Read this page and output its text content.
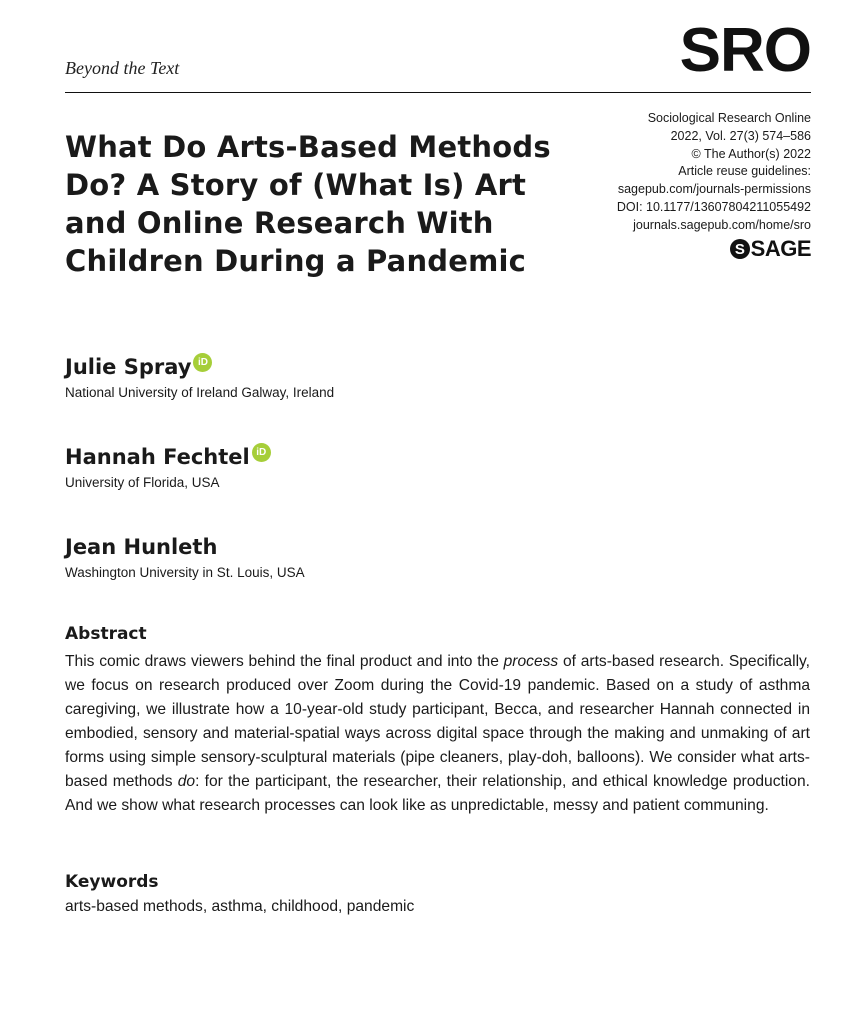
Beyond the Text	SRO
What Do Arts-Based Methods Do? A Story of (What Is) Art and Online Research With Children During a Pandemic
Sociological Research Online
2022, Vol. 27(3) 574–586
© The Author(s) 2022
Article reuse guidelines:
sagepub.com/journals-permissions
DOI: 10.1177/13607804211055492
journals.sagepub.com/home/sro
S SAGE
Julie Spray iD
National University of Ireland Galway, Ireland
Hannah Fechtel iD
University of Florida, USA
Jean Hunleth
Washington University in St. Louis, USA
Abstract

This comic draws viewers behind the final product and into the process of arts-based research. Specifically, we focus on research produced over Zoom during the Covid-19 pandemic. Based on a study of asthma caregiving, we illustrate how a 10-year-old study participant, Becca, and researcher Hannah connected in embodied, sensory and material-spatial ways across digital space through the making and unmaking of art forms using simple sensory-sculptural materials (pipe cleaners, play-doh, balloons). We consider what arts-based methods do: for the participant, the researcher, their relationship, and ethical knowledge production. And we show what research processes can look like as unpredictable, messy and patient communing.

Keywords

arts-based methods, asthma, childhood, pandemic
